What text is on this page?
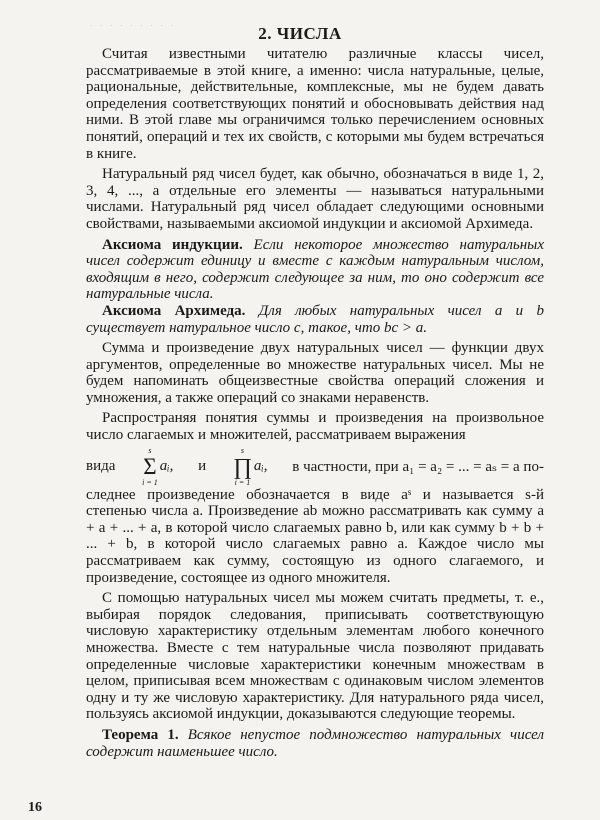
· · · · · · · · ·	2. ЧИСЛА

Считая известными читателю различные классы чисел, рассматриваемые в этой книге, а именно: числа натуральные, целые, рациональные, действительные, комплексные, мы не будем давать определения соответствующих понятий и обосновывать действия над ними. В этой главе мы ограничимся только перечислением основных понятий, операций и тех их свойств, с которыми мы будем встречаться в книге.

Натуральный ряд чисел будет, как обычно, обозначаться в виде 1, 2, 3, 4, ..., а отдельные его элементы — называться натуральными числами. Натуральный ряд чисел обладает следующими основными свойствами, называемыми аксиомой индукции и аксиомой Архимеда.

Аксиома индукции. Если некоторое множество натуральных чисел содержит единицу и вместе с каждым натуральным числом, входящим в него, содержит следующее за ним, то оно содержит все натуральные числа.

Аксиома Архимеда. Для любых натуральных чисел a и b существует натуральное число c, такое, что bc > a.

Сумма и произведение двух натуральных чисел — функции двух аргументов, определенные во множестве натуральных чисел. Мы не будем напоминать общеизвестные свойства операций сложения и умножения, а также операций со знаками неравенств.

Распространяя понятия суммы и произведения на произвольное число слагаемых и множителей, рассматриваем выражения

вида
s
Σ
i = 1
aᵢ, и
s
∏
i = 1
aᵢ, в частности, при a₁ = a₂ = ... = aₛ = a по-

следнее произведение обозначается в виде aˢ и называется s-й степенью числа a. Произведение ab можно рассматривать как сумму a + a + ... + a, в которой число слагаемых равно b, или как сумму b + b + ... + b, в которой число слагаемых равно a. Каждое число мы рассматриваем как сумму, состоящую из одного слагаемого, и произведение, состоящее из одного множителя.

С помощью натуральных чисел мы можем считать предметы, т. е., выбирая порядок следования, приписывать соответствующую числовую характеристику отдельным элементам любого конечного множества. Вместе с тем натуральные числа позволяют придавать определенные числовые характеристики конечным множествам в целом, приписывая всем множествам с одинаковым числом элементов одну и ту же числовую характеристику. Для натурального ряда чисел, пользуясь аксиомой индукции, доказываются следующие теоремы.

Теорема 1. Всякое непустое подмножество натуральных чисел содержит наименьшее число.

16
